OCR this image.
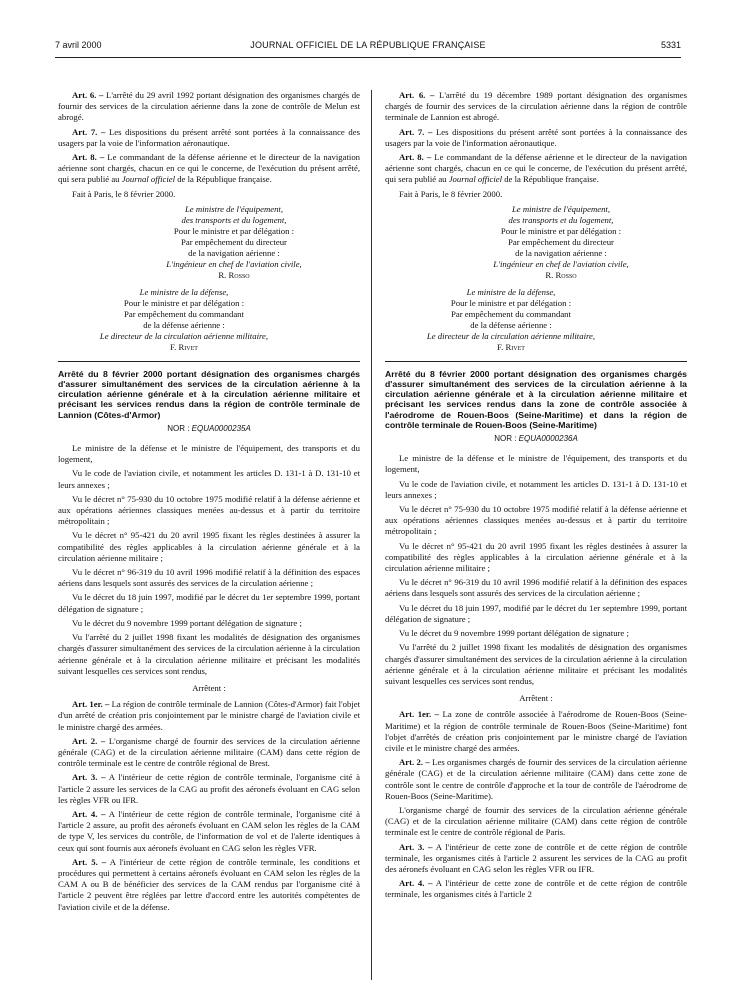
7 avril 2000	JOURNAL OFFICIEL DE LA RÉPUBLIQUE FRANÇAISE	5331

Art. 6. – L'arrêté du 29 avril 1992 portant désignation des organismes chargés de fournir des services de la circulation aérienne dans la zone de contrôle de Melun est abrogé.

Art. 7. – Les dispositions du présent arrêté sont portées à la connaissance des usagers par la voie de l'information aéronautique.

Art. 8. – Le commandant de la défense aérienne et le directeur de la navigation aérienne sont chargés, chacun en ce qui le concerne, de l'exécution du présent arrêté, qui sera publié au Journal officiel de la République française.

Fait à Paris, le 8 février 2000.

Le ministre de l'équipement,

des transports et du logement,

Pour le ministre et par délégation :

Par empêchement du directeur

de la navigation aérienne :

L'ingénieur en chef de l'aviation civile,

R. Rosso

Le ministre de la défense,

Pour le ministre et par délégation :

Par empêchement du commandant

de la défense aérienne :

Le directeur de la circulation aérienne militaire,

F. Rivet

Arrêté du 8 février 2000 portant désignation des organismes chargés d'assurer simultanément des services de la circulation aérienne à la circulation aérienne générale et à la circulation aérienne militaire et précisant les services rendus dans la région de contrôle terminale de Lannion (Côtes-d'Armor)

NOR : EQUA0000235A

Le ministre de la défense et le ministre de l'équipement, des transports et du logement,

Vu le code de l'aviation civile, et notamment les articles D. 131-1 à D. 131-10 et leurs annexes ;

Vu le décret n° 75-930 du 10 octobre 1975 modifié relatif à la défense aérienne et aux opérations aériennes classiques menées au-dessus et à partir du territoire métropolitain ;

Vu le décret n° 95-421 du 20 avril 1995 fixant les règles destinées à assurer la compatibilité des règles applicables à la circulation aérienne générale et à la circulation aérienne militaire ;

Vu le décret n° 96-319 du 10 avril 1996 modifié relatif à la définition des espaces aériens dans lesquels sont assurés des services de la circulation aérienne ;

Vu le décret du 18 juin 1997, modifié par le décret du 1er septembre 1999, portant délégation de signature ;

Vu le décret du 9 novembre 1999 portant délégation de signature ;

Vu l'arrêté du 2 juillet 1998 fixant les modalités de désignation des organismes chargés d'assurer simultanément des services de la circulation aérienne à la circulation aérienne générale et à la circulation aérienne militaire et précisant les modalités suivant lesquelles ces services sont rendus,

Arrêtent :

Art. 1er. – La région de contrôle terminale de Lannion (Côtes-d'Armor) fait l'objet d'un arrêté de création pris conjointement par le ministre chargé de l'aviation civile et le ministre chargé des armées.

Art. 2. – L'organisme chargé de fournir des services de la circulation aérienne générale (CAG) et de la circulation aérienne militaire (CAM) dans cette région de contrôle terminale est le centre de contrôle régional de Brest.

Art. 3. – A l'intérieur de cette région de contrôle terminale, l'organisme cité à l'article 2 assure les services de la CAG au profit des aéronefs évoluant en CAG selon les règles VFR ou IFR.

Art. 4. – A l'intérieur de cette région de contrôle terminale, l'organisme cité à l'article 2 assure, au profit des aéronefs évoluant en CAM selon les règles de la CAM de type V, les services du contrôle, de l'information de vol et de l'alerte identiques à ceux qui sont fournis aux aéronefs évoluant en CAG selon les règles VFR.

Art. 5. – A l'intérieur de cette région de contrôle terminale, les conditions et procédures qui permettent à certains aéronefs évoluant en CAM selon les règles de la CAM A ou B de bénéficier des services de la CAM rendus par l'organisme cité à l'article 2 peuvent être réglées par lettre d'accord entre les autorités compétentes de l'aviation civile et de la défense.

Art. 6. – L'arrêté du 19 décembre 1989 portant désignation des organismes chargés de fournir des services de la circulation aérienne dans la région de contrôle terminale de Lannion est abrogé.

Art. 7. – Les dispositions du présent arrêté sont portées à la connaissance des usagers par la voie de l'information aéronautique.

Art. 8. – Le commandant de la défense aérienne et le directeur de la navigation aérienne sont chargés, chacun en ce qui le concerne, de l'exécution du présent arrêté, qui sera publié au Journal officiel de la République française.

Fait à Paris, le 8 février 2000.

Le ministre de l'équipement,

des transports et du logement,

Pour le ministre et par délégation :

Par empêchement du directeur

de la navigation aérienne :

L'ingénieur en chef de l'aviation civile,

R. Rosso

Le ministre de la défense,

Pour le ministre et par délégation :

Par empêchement du commandant

de la défense aérienne :

Le directeur de la circulation aérienne militaire,

F. Rivet

Arrêté du 8 février 2000 portant désignation des organismes chargés d'assurer simultanément des services de la circulation aérienne à la circulation aérienne générale et à la circulation aérienne militaire et précisant les services rendus dans la zone de contrôle associée à l'aérodrome de Rouen-Boos (Seine-Maritime) et dans la région de contrôle terminale de Rouen-Boos (Seine-Maritime)

NOR : EQUA0000236A

Le ministre de la défense et le ministre de l'équipement, des transports et du logement,

Vu le code de l'aviation civile, et notamment les articles D. 131-1 à D. 131-10 et leurs annexes ;

Vu le décret n° 75-930 du 10 octobre 1975 modifié relatif à la défense aérienne et aux opérations aériennes classiques menées au-dessus et à partir du territoire métropolitain ;

Vu le décret n° 95-421 du 20 avril 1995 fixant les règles destinées à assurer la compatibilité des règles applicables à la circulation aérienne générale et à la circulation aérienne militaire ;

Vu le décret n° 96-319 du 10 avril 1996 modifié relatif à la définition des espaces aériens dans lesquels sont assurés des services de la circulation aérienne ;

Vu le décret du 18 juin 1997, modifié par le décret du 1er septembre 1999, portant délégation de signature ;

Vu le décret du 9 novembre 1999 portant délégation de signature ;

Vu l'arrêté du 2 juillet 1998 fixant les modalités de désignation des organismes chargés d'assurer simultanément des services de la circulation aérienne à la circulation aérienne générale et à la circulation aérienne militaire et précisant les modalités suivant lesquelles ces services sont rendus,

Arrêtent :

Art. 1er. – La zone de contrôle associée à l'aérodrome de Rouen-Boos (Seine-Maritime) et la région de contrôle terminale de Rouen-Boos (Seine-Maritime) font l'objet d'arrêtés de création pris conjointement par le ministre chargé de l'aviation civile et le ministre chargé des armées.

Art. 2. – Les organismes chargés de fournir des services de la circulation aérienne générale (CAG) et de la circulation aérienne militaire (CAM) dans cette zone de contrôle sont le centre de contrôle d'approche et la tour de contrôle de l'aérodrome de Rouen-Boos (Seine-Maritime).

L'organisme chargé de fournir des services de la circulation aérienne générale (CAG) et de la circulation aérienne militaire (CAM) dans cette région de contrôle terminale est le centre de contrôle régional de Paris.

Art. 3. – A l'intérieur de cette zone de contrôle et de cette région de contrôle terminale, les organismes cités à l'article 2 assurent les services de la CAG au profit des aéronefs évoluant en CAG selon les règles VFR ou IFR.

Art. 4. – A l'intérieur de cette zone de contrôle et de cette région de contrôle terminale, les organismes cités à l'article 2
